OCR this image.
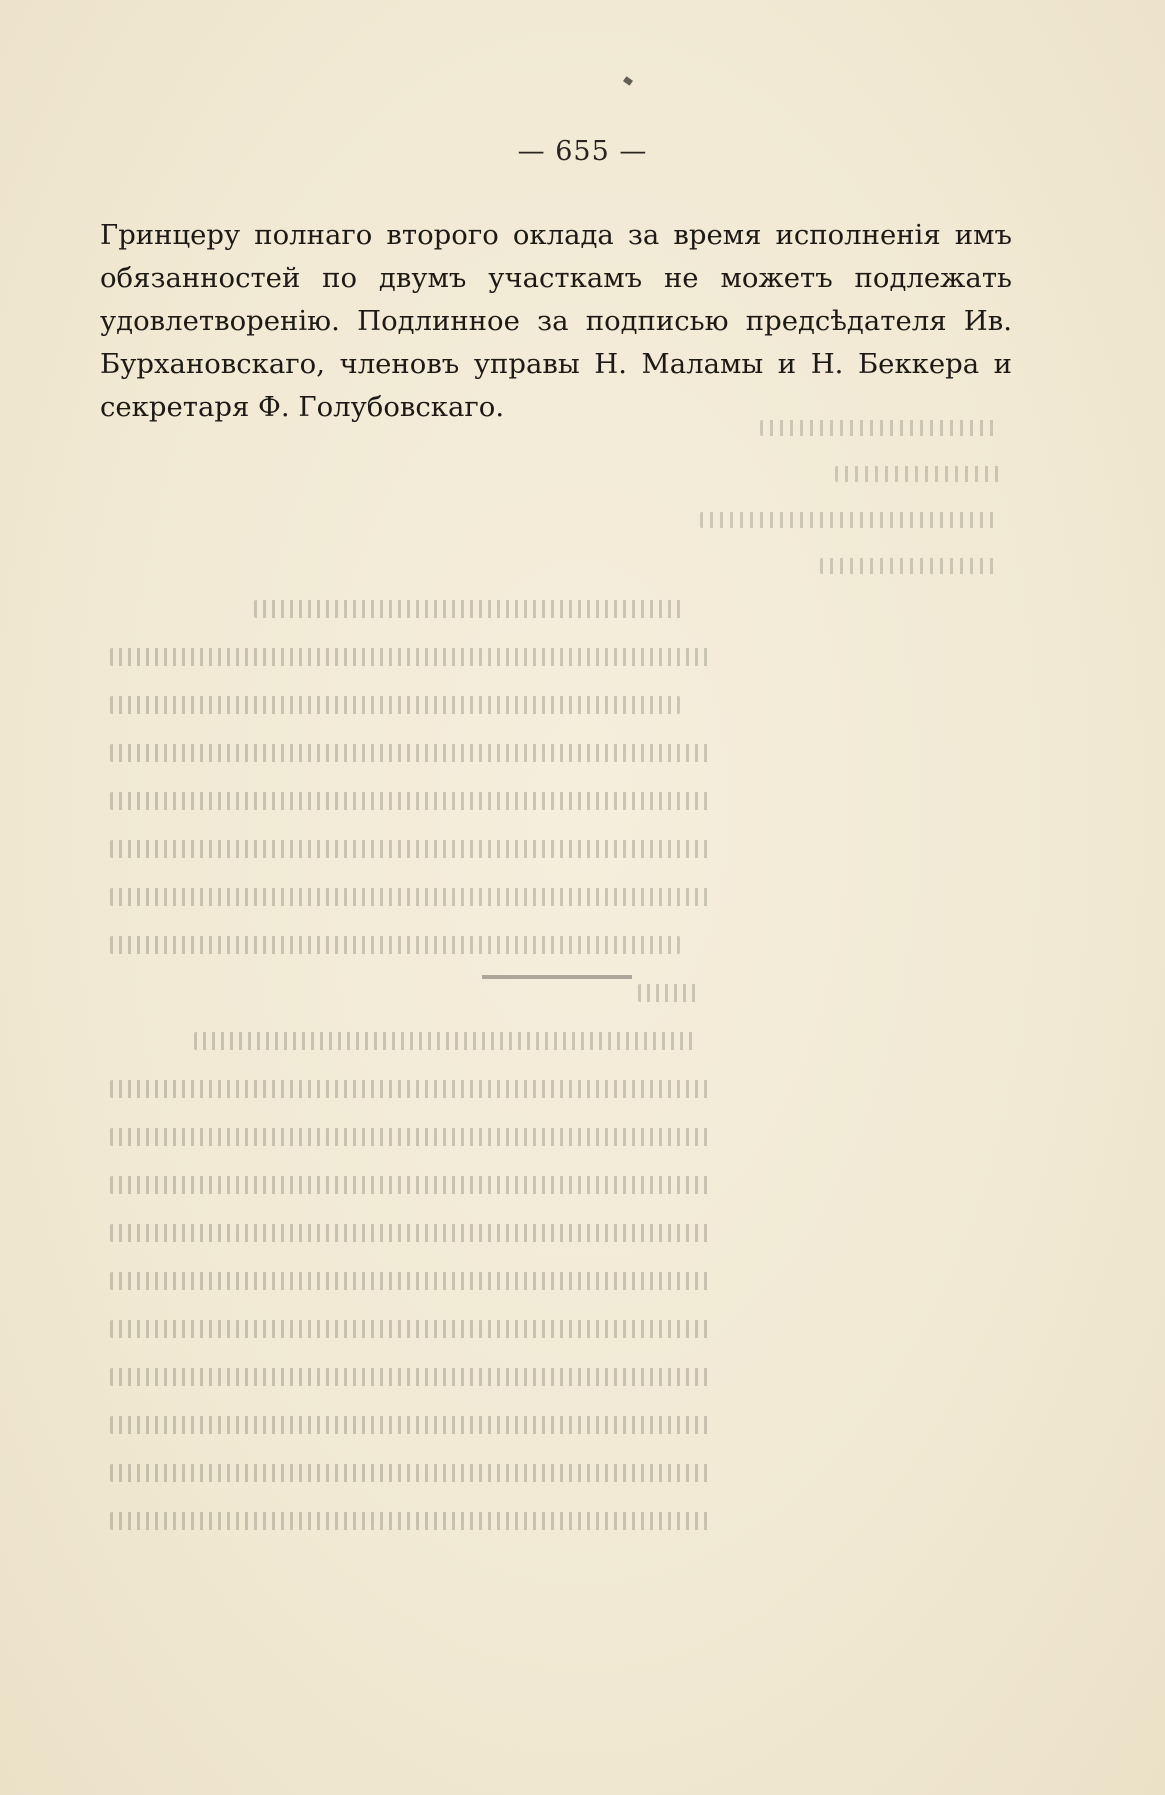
— 655 —
Гринцеру полнаго второго оклада за время исполненія имъ
обязанностей по двумъ участкамъ не можетъ подлежать
удовлетворенію. Подлинное за подписью предсѣдателя Ив.
Бурхановскаго, членовъ управы Н. Маламы и Н. Беккера и
секретаря Ф. Голубовскаго.
